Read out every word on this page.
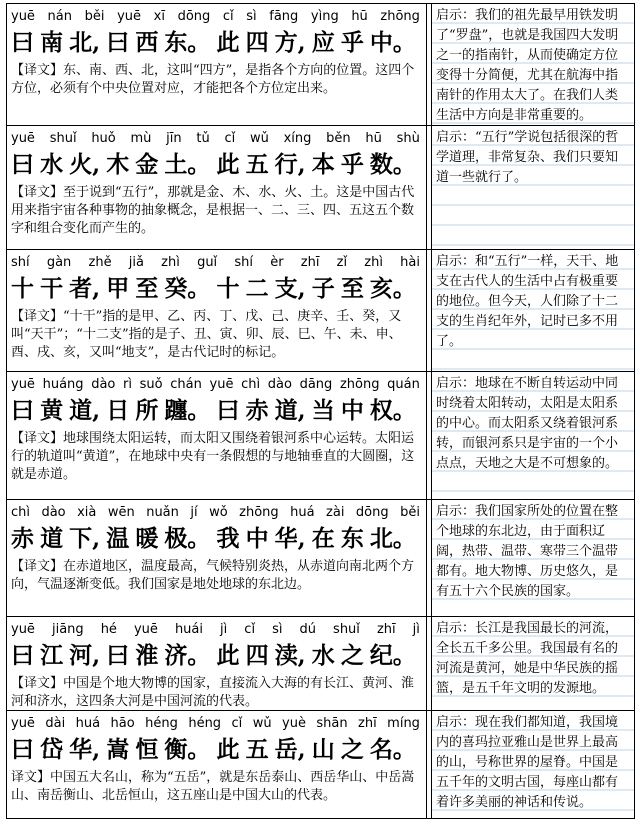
yuē nán běi yuē xī dōng cǐ sì fāng yìng hū zhōng
曰 南 北, 曰 西 东。 此 四 方, 应 乎 中。
【译文】东、南、西、北，这叫“四方”，是指各个方向的位置。这四个方位，必须有个中央位置对应，才能把各个方位定出来。
启示：我们的祖先最早用铁发明了“罗盘”，也就是我国四大发明之一的指南针，从而使确定方位变得十分简便，尤其在航海中指南针的作用太大了。在我们人类生活中方向是非常重要的。
yuē shuǐ huǒ mù jīn tǔ cǐ wǔ xíng běn hū shù
曰 水 火, 木 金 土。 此 五 行, 本 乎 数。
【译文】至于说到“五行”，那就是金、木、水、火、土。这是中国古代用来指宇宙各种事物的抽象概念，是根据一、二、三、四、五这五个数字和组合变化而产生的。
启示：“五行”学说包括很深的哲学道理，非常复杂、我们只要知道一些就行了。
shí gàn zhě jiǎ zhì guǐ shí èr zhī zǐ zhì hài
十 干 者, 甲 至 癸。 十 二 支, 子 至 亥。
【译文】“十干”指的是甲、乙、丙、丁、戊、己、庚辛、壬、癸，又叫“天干”；“十二支”指的是子、丑、寅、卯、辰、巳、午、未、申、酉、戌、亥，又叫“地支”，是古代记时的标记。
启示：和“五行”一样，天干、地支在古代人的生活中占有极重要的地位。但今天，人们除了十二支的生肖纪年外，记时已多不用了。
yuē huáng dào rì suǒ chán yuē chì dào dāng zhōng quán
曰 黄 道, 日 所 躔。 曰 赤 道, 当 中 权。
【译文】地球围绕太阳运转，而太阳又围绕着银河系中心运转。太阳运行的轨道叫“黄道”，在地球中央有一条假想的与地轴垂直的大圆圈，这就是赤道。
启示：地球在不断自转运动中同时绕着太阳转动，太阳是太阳系的中心。而太阳系又绕着银河系转，而银河系只是宇宙的一个小点点，天地之大是不可想象的。
chì dào xià wēn nuǎn jí wǒ zhōng huá zài dōng běi
赤 道 下, 温 暖 极。 我 中 华, 在 东 北。
【译文】在赤道地区，温度最高，气候特别炎热，从赤道向南北两个方向，气温逐渐变低。我们国家是地处地球的东北边。
启示：我们国家所处的位置在整个地球的东北边，由于面积辽阔，热带、温带、寒带三个温带都有。地大物博、历史悠久，是有五十六个民族的国家。
yuē jiāng hé yuē huái jì cǐ sì dú shuǐ zhī jì
曰 江 河, 曰 淮 济。 此 四 渎, 水 之 纪。
【译文】中国是个地大物博的国家，直接流入大海的有长江、黄河、淮河和济水，这四条大河是中国河流的代表。
启示：长江是我国最长的河流，全长五千多公里。我国最有名的河流是黄河，她是中华民族的摇篮，是五千年文明的发源地。
yuē dài huá hāo héng héng cǐ wǔ yuè shān zhī míng
曰 岱 华, 嵩 恒 衡。 此 五 岳, 山 之 名。
译文】中国五大名山，称为“五岳”，就是东岳泰山、西岳华山、中岳嵩山、南岳衡山、北岳恒山，这五座山是中国大山的代表。
启示：现在我们都知道，我国境内的喜玛拉亚雅山是世界上最高的山，号称世界的屋脊。中国是五千年的文明古国，每座山都有着许多美丽的神话和传说。
